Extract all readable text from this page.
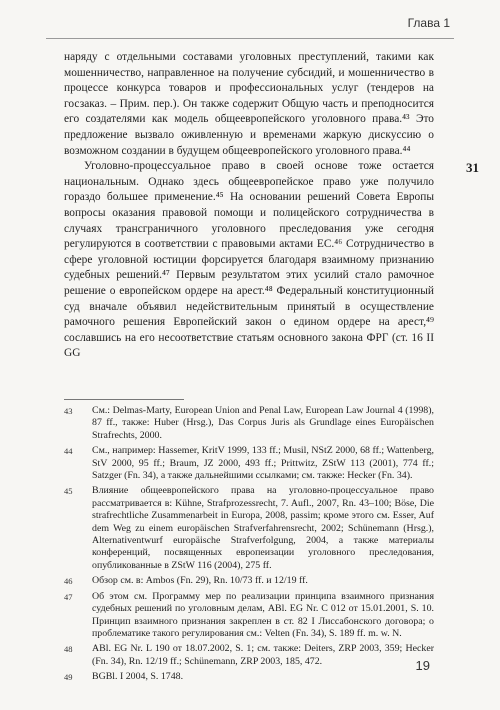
Глава 1
31

наряду с отдельными составами уголовных преступлений, такими как мошенничество, направленное на получение субсидий, и мошенничество в процессе конкурса товаров и профессиональных услуг (тендеров на госзаказ. – Прим. пер.). Он также содержит Общую часть и преподносится его создателями как модель общеевропейского уголовного права.⁴³ Это предложение вызвало оживленную и временами жаркую дискуссию о возможном создании в будущем общеевропейского уголовного права.⁴⁴

Уголовно-процессуальное право в своей основе тоже остается национальным. Однако здесь общеевропейское право уже получило гораздо большее применение.⁴⁵ На основании решений Совета Европы вопросы оказания правовой помощи и полицейского сотрудничества в случаях трансграничного уголовного преследования уже сегодня регулируются в соответствии с правовыми актами ЕС.⁴⁶ Сотрудничество в сфере уголовной юстиции форсируется благодаря взаимному признанию судебных решений.⁴⁷ Первым результатом этих усилий стало рамочное решение о европейском ордере на арест.⁴⁸ Федеральный конституционный суд вначале объявил недействительным принятый в осуществление рамочного решения Европейский закон о едином ордере на арест,⁴⁹ сославшись на его несоответствие статьям основного закона ФРГ (ст. 16 II GG

43	См.: Delmas-Marty, European Union and Penal Law, European Law Journal 4 (1998), 87 ff., также: Huber (Hrsg.), Das Corpus Juris als Grundlage eines Europäischen Strafrechts, 2000.
44	См., например: Hassemer, KritV 1999, 133 ff.; Musil, NStZ 2000, 68 ff.; Wattenberg, StV 2000, 95 ff.; Braum, JZ 2000, 493 ff.; Prittwitz, ZStW 113 (2001), 774 ff.; Satzger (Fn. 34), а также дальнейшими ссылками; см. также: Hecker (Fn. 34).
45	Влияние общеевропейского права на уголовно-процессуальное право рассматривается в: Kühne, Strafprozessrecht, 7. Aufl., 2007, Rn. 43–100; Böse, Die strafrechtliche Zusammenarbeit in Europa, 2008, passim; кроме этого см. Esser, Auf dem Weg zu einem europäischen Strafverfahrensrecht, 2002; Schünemann (Hrsg.), Alternativentwurf europäische Strafverfolgung, 2004, а также материалы конференций, посвященных европеизации уголовного преследования, опубликованные в ZStW 116 (2004), 275 ff.
46	Обзор см. в: Ambos (Fn. 29), Rn. 10/73 ff. и 12/19 ff.
47	Об этом см. Программу мер по реализации принципа взаимного признания судебных решений по уголовным делам, ABl. EG Nr. C 012 от 15.01.2001, S. 10. Принцип взаимного признания закреплен в ст. 82 I Лиссабонского договора; о проблематике такого регулирования см.: Velten (Fn. 34), S. 189 ff. m. w. N.
48	ABl. EG Nr. L 190 от 18.07.2002, S. 1; см. также: Deiters, ZRP 2003, 359; Hecker (Fn. 34), Rn. 12/19 ff.; Schünemann, ZRP 2003, 185, 472.
49	BGBl. I 2004, S. 1748.
19
